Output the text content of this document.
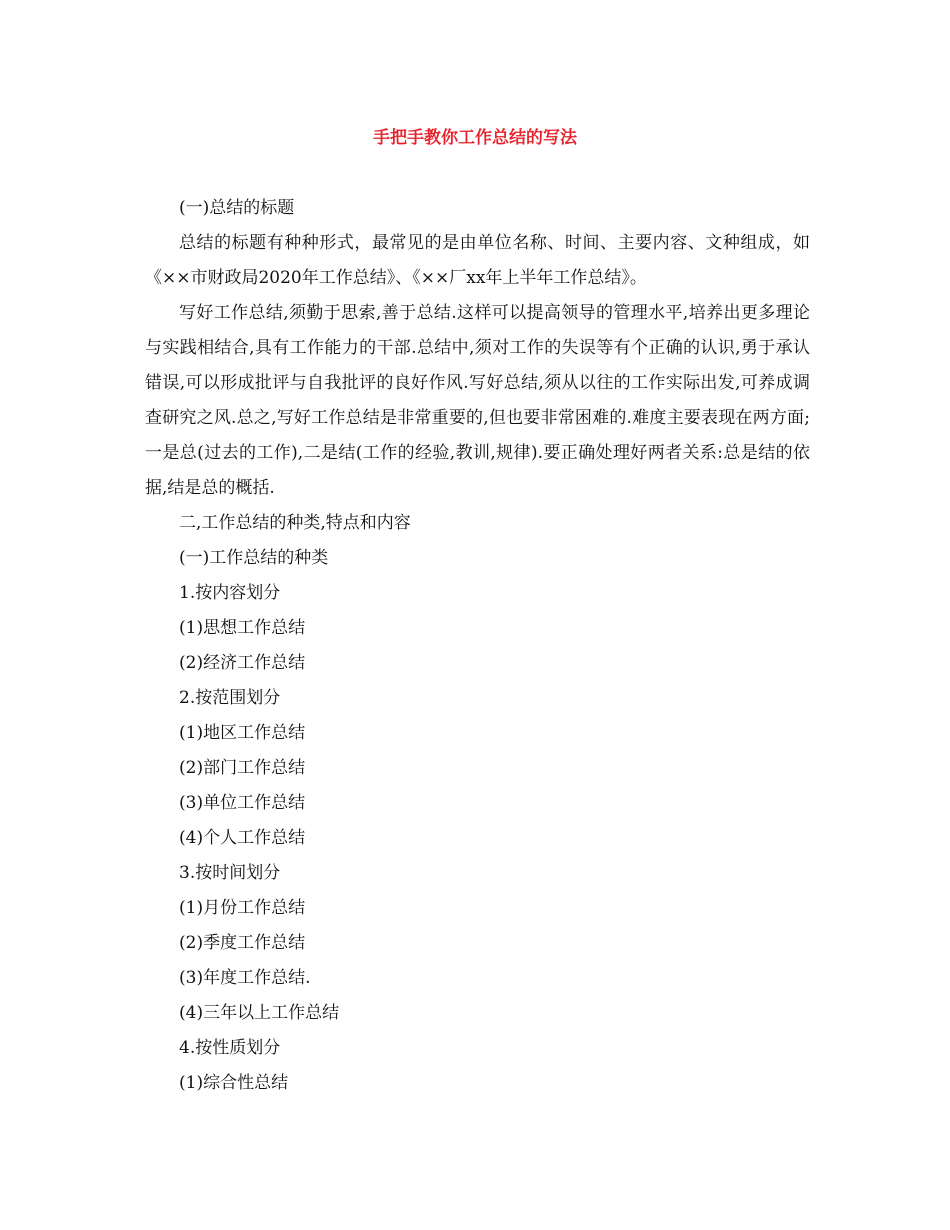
手把手教你工作总结的写法

(一)总结的标题

总结的标题有种种形式，最常见的是由单位名称、时间、主要内容、文种组成，如《××市财政局2020年工作总结》、《××厂xx年上半年工作总结》。

写好工作总结,须勤于思索,善于总结.这样可以提高领导的管理水平,培养出更多理论与实践相结合,具有工作能力的干部.总结中,须对工作的失误等有个正确的认识,勇于承认错误,可以形成批评与自我批评的良好作风.写好总结,须从以往的工作实际出发,可养成调查研究之风.总之,写好工作总结是非常重要的,但也要非常困难的.难度主要表现在两方面;一是总(过去的工作),二是结(工作的经验,教训,规律).要正确处理好两者关系:总是结的依据,结是总的概括.

二,工作总结的种类,特点和内容

(一)工作总结的种类

1.按内容划分

(1)思想工作总结

(2)经济工作总结

2.按范围划分

(1)地区工作总结

(2)部门工作总结

(3)单位工作总结

(4)个人工作总结

3.按时间划分

(1)月份工作总结

(2)季度工作总结

(3)年度工作总结.

(4)三年以上工作总结

4.按性质划分

(1)综合性总结
